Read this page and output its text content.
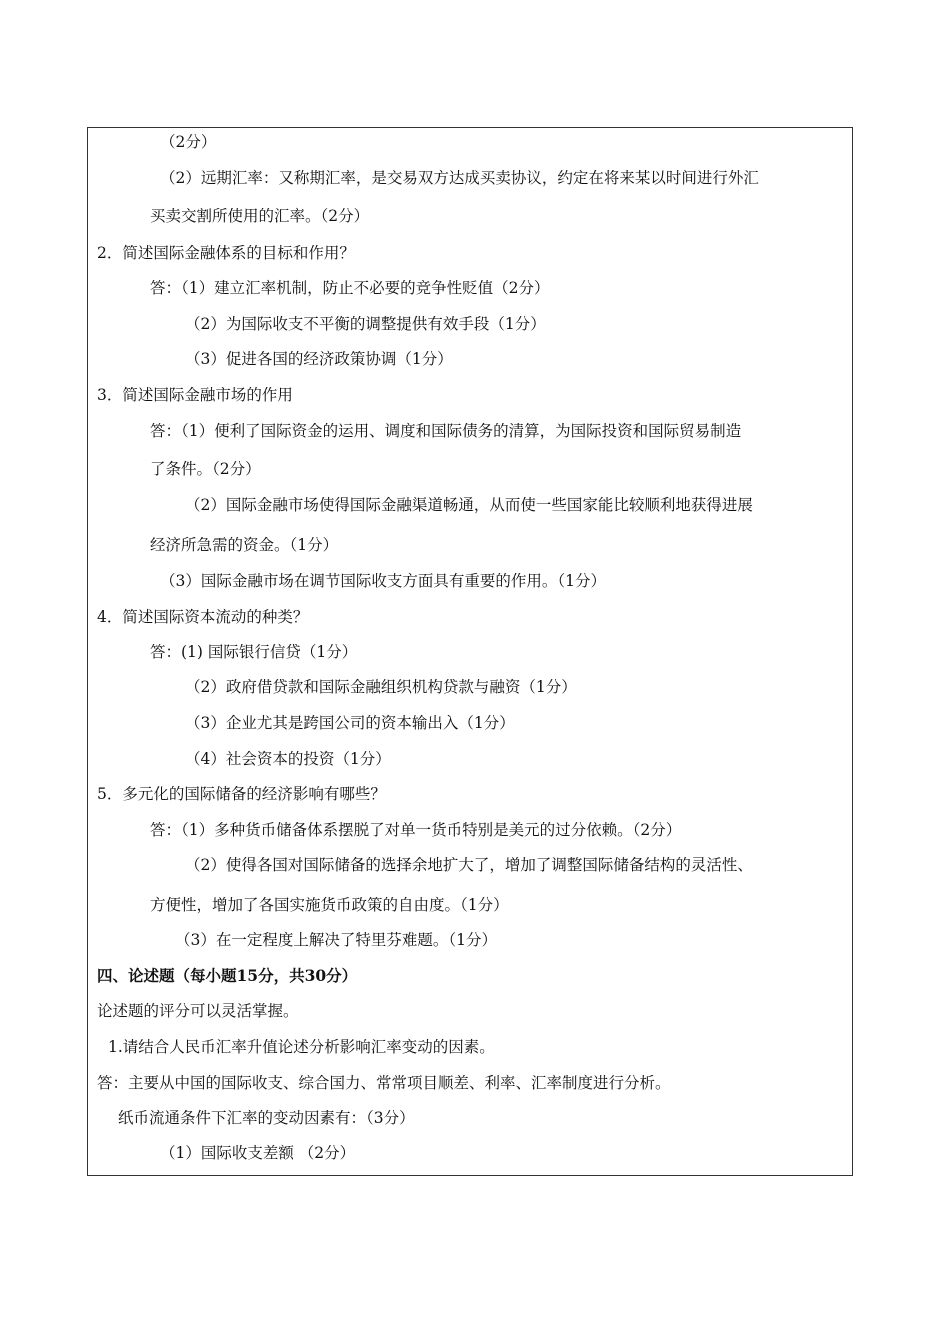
（2分）
（2）远期汇率：又称期汇率，是交易双方达成买卖协议，约定在将来某以时间进行外汇
买卖交割所使用的汇率。（2分）
2．简述国际金融体系的目标和作用？
答：（1）建立汇率机制，防止不必要的竞争性贬值（2分）
（2）为国际收支不平衡的调整提供有效手段（1分）
（3）促进各国的经济政策协调（1分）
3．简述国际金融市场的作用
答：（1）便利了国际资金的运用、调度和国际债务的清算，为国际投资和国际贸易制造
了条件。（2分）
（2）国际金融市场使得国际金融渠道畅通，从而使一些国家能比较顺利地获得进展
经济所急需的资金。（1分）
（3）国际金融市场在调节国际收支方面具有重要的作用。（1分）
4．简述国际资本流动的种类？
答：(1) 国际银行信贷（1分）
（2）政府借贷款和国际金融组织机构贷款与融资（1分）
（3）企业尤其是跨国公司的资本输出入（1分）
（4）社会资本的投资（1分）
5．多元化的国际储备的经济影响有哪些？
答：（1）多种货币储备体系摆脱了对单一货币特别是美元的过分依赖。（2分）
（2）使得各国对国际储备的选择余地扩大了，增加了调整国际储备结构的灵活性、
方便性，增加了各国实施货币政策的自由度。（1分）
（3）在一定程度上解决了特里芬难题。（1分）
四、论述题（每小题15分，共30分）
论述题的评分可以灵活掌握。
1.请结合人民币汇率升值论述分析影响汇率变动的因素。
答：主要从中国的国际收支、综合国力、常常项目顺差、利率、汇率制度进行分析。
纸币流通条件下汇率的变动因素有：（3分）
（1）国际收支差额 （2分）
